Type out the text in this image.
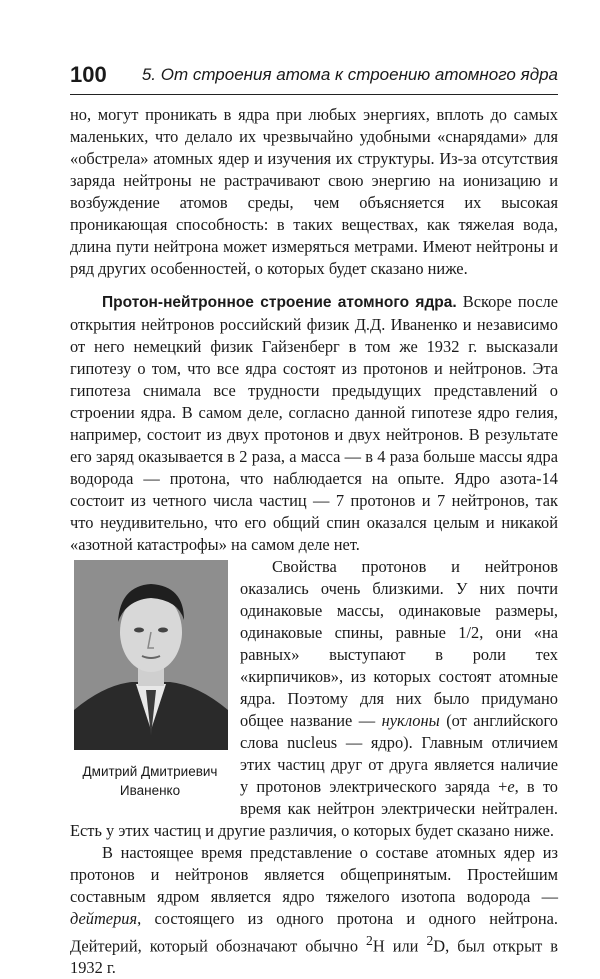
100 5. От строения атома к строению атомного ядра

но, могут проникать в ядра при любых энергиях, вплоть до самых маленьких, что делало их чрезвычайно удобными «снарядами» для «обстрела» атомных ядер и изучения их структуры. Из-за отсутствия заряда нейтроны не растрачивают свою энергию на ионизацию и возбуждение атомов среды, чем объясняется их высокая проникающая способность: в таких веществах, как тяжелая вода, длина пути нейтрона может измеряться метрами. Имеют нейтроны и ряд других особенностей, о которых будет сказано ниже.

Протон-нейтронное строение атомного ядра. Вскоре после открытия нейтронов российский физик Д.Д. Иваненко и независимо от него немецкий физик Гайзенберг в том же 1932 г. высказали гипотезу о том, что все ядра состоят из протонов и нейтронов. Эта гипотеза снимала все трудности предыдущих представлений о строении ядра. В самом деле, согласно данной гипотезе ядро гелия, например, состоит из двух протонов и двух нейтронов. В результате его заряд оказывается в 2 раза, а масса — в 4 раза больше массы ядра водорода — протона, что наблюдается на опыте. Ядро азота-14 состоит из четного числа частиц — 7 протонов и 7 нейтронов, так что неудивительно, что его общий спин оказался целым и никакой «азотной катастрофы» на самом деле нет.

Дмитрий Дмитриевич
Иваненко

Свойства протонов и нейтронов оказались очень близкими. У них почти одинаковые массы, одинаковые размеры, одинаковые спины, равные 1/2, они «на равных» выступают в роли тех «кирпичиков», из которых состоят атомные ядра. Поэтому для них было придумано общее название — нуклоны (от английского слова nucleus — ядро). Главным отличием этих частиц друг от друга является наличие у протонов электрического заряда +e, в то время как нейтрон электрически нейтрален. Есть у этих частиц и другие различия, о которых будет сказано ниже.

В настоящее время представление о составе атомных ядер из протонов и нейтронов является общепринятым. Простейшим составным ядром является ядро тяжелого изотопа водорода — дейтерия, состоящего из одного протона и одного нейтрона. Дейтерий, который обозначают обычно $^2$H или $^2$D, был открыт в 1932 г.
